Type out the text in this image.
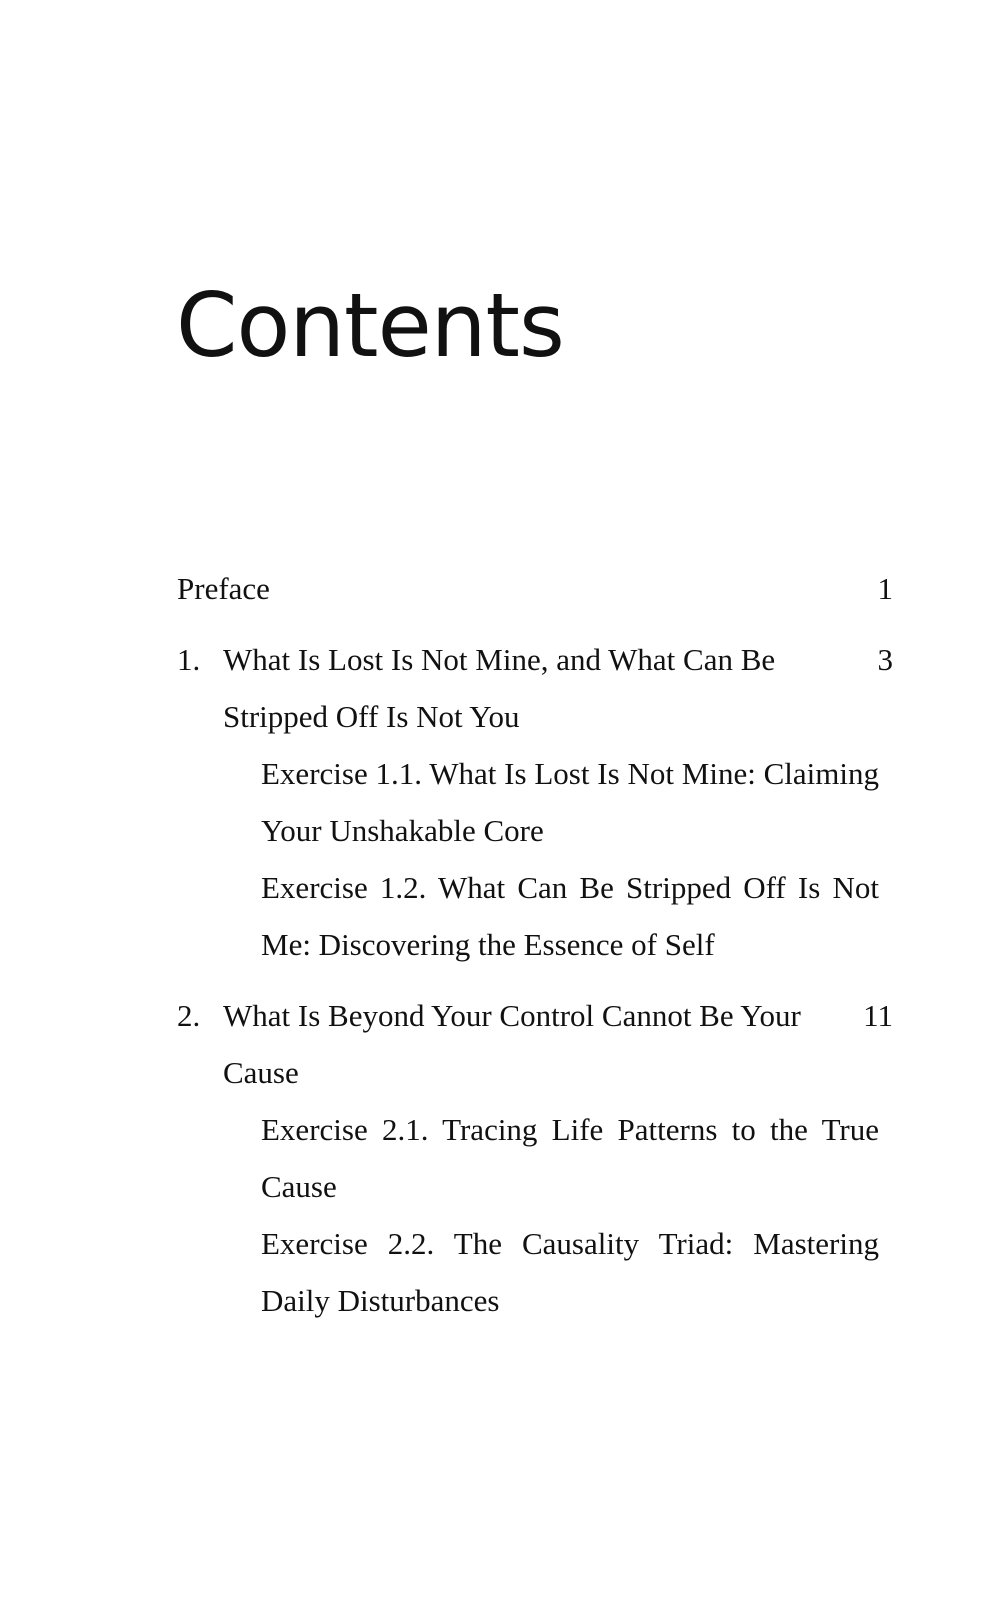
Contents
Preface	1
1. What Is Lost Is Not Mine, and What Can Be Stripped Off Is Not You
3
Exercise 1.1. What Is Lost Is Not Mine: Claiming Your Unshakable Core
Exercise 1.2. What Can Be Stripped Off Is Not Me: Discovering the Essence of Self
2. What Is Beyond Your Control Cannot Be Your Cause
11
Exercise 2.1. Tracing Life Patterns to the True Cause
Exercise 2.2. The Causality Triad: Mastering Daily Disturbances
